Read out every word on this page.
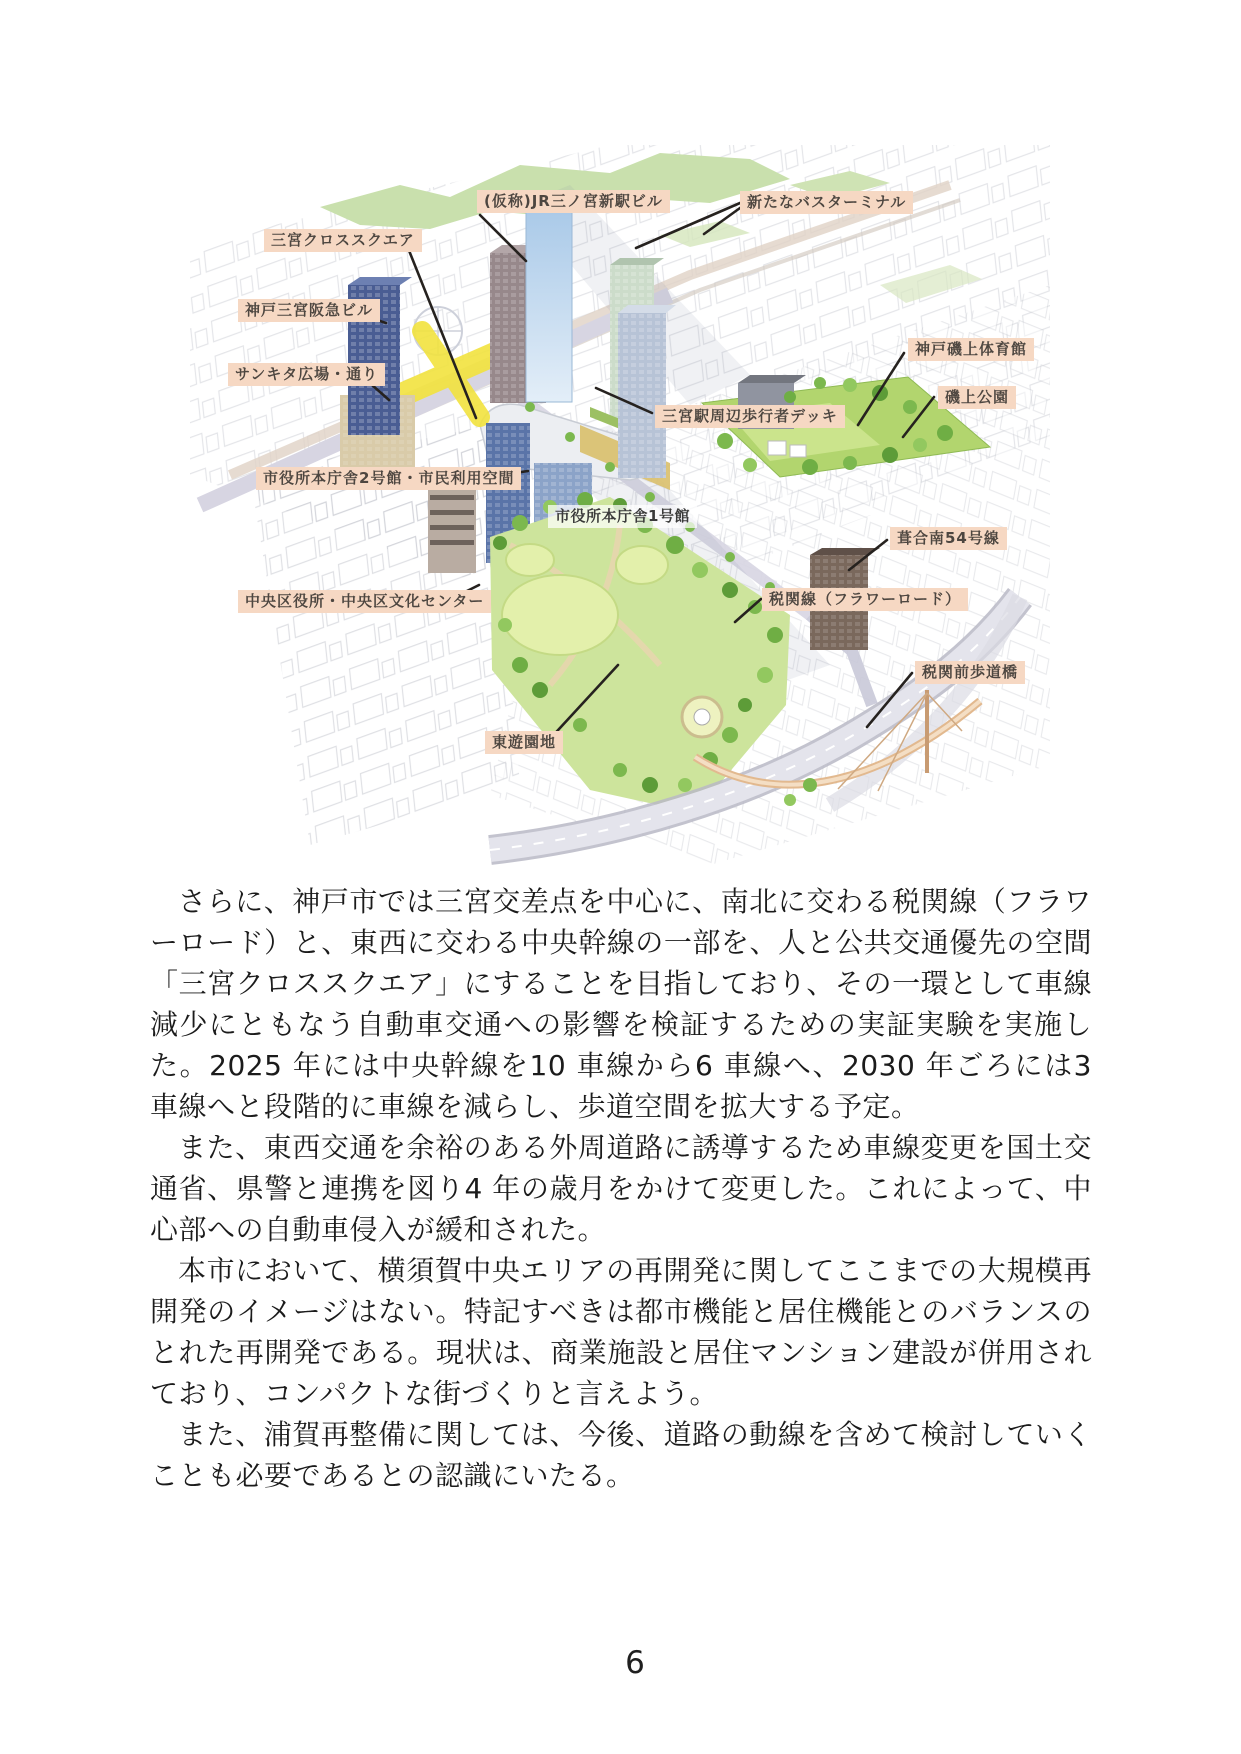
(仮称)JR三ノ宮新駅ビル	新たなバスターミナル
三宮クロススクエア
神戸三宮阪急ビル
サンキタ広場・通り
神戸磯上体育館
磯上公園
三宮駅周辺歩行者デッキ
市役所本庁舎2号館・市民利用空間
市役所本庁舎1号館
葺合南54号線
中央区役所・中央区文化センター	税関線（フラワーロード）
税関前歩道橋
東遊園地

さらに、神戸市では三宮交差点を中心に、南北に交わる税関線（フラワーロード）と、東西に交わる中央幹線の一部を、人と公共交通優先の空間「三宮クロススクエア」にすることを目指しており、その一環として車線減少にともなう自動車交通への影響を検証するための実証実験を実施した。2025 年には中央幹線を10 車線から6 車線へ、2030 年ごろには3 車線へと段階的に車線を減らし、歩道空間を拡大する予定。

また、東西交通を余裕のある外周道路に誘導するため車線変更を国土交通省、県警と連携を図り4 年の歳月をかけて変更した。これによって、中心部への自動車侵入が緩和された。

本市において、横須賀中央エリアの再開発に関してここまでの大規模再開発のイメージはない。特記すべきは都市機能と居住機能とのバランスのとれた再開発である。現状は、商業施設と居住マンション建設が併用されており、コンパクトな街づくりと言えよう。

また、浦賀再整備に関しては、今後、道路の動線を含めて検討していくことも必要であるとの認識にいたる。

6
